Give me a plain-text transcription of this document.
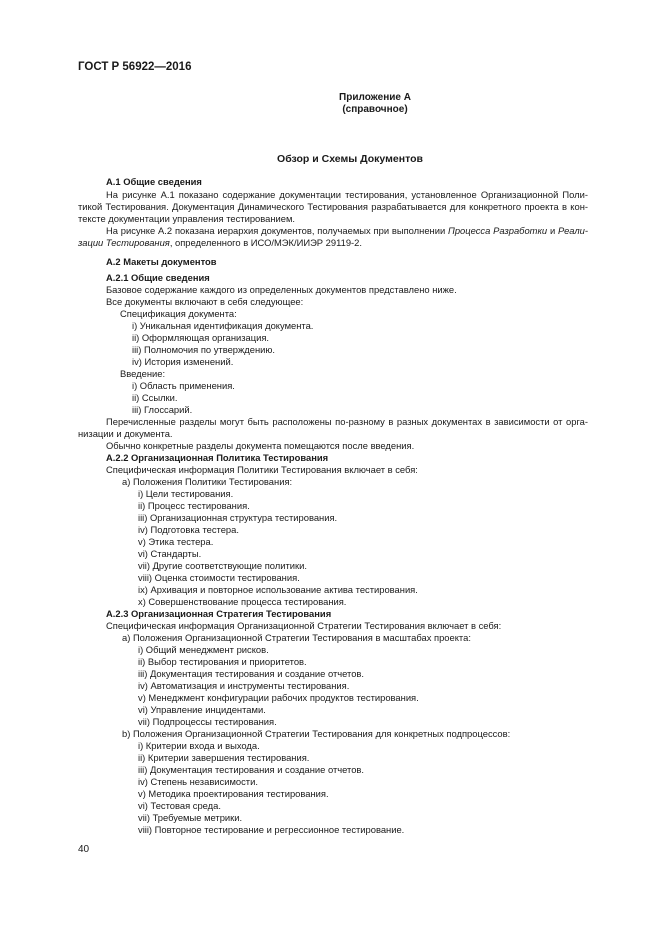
ГОСТ Р 56922—2016
Приложение А
(справочное)
Обзор и Схемы Документов
А.1 Общие сведения
На рисунке А.1 показано содержание документации тестирования, установленное Организационной Поли-
тикой Тестирования. Документация Динамического Тестирования разрабатывается для конкретного проекта в кон-
тексте документации управления тестированием.
На рисунке А.2 показана иерархия документов, получаемых при выполнении Процесса Разработки и Реали-
зации Тестирования, определенного в ИСО/МЭК/ИИЭР 29119-2.
А.2 Макеты документов
А.2.1 Общие сведения
Базовое содержание каждого из определенных документов представлено ниже.
Все документы включают в себя следующее:
Спецификация документа:
i) Уникальная идентификация документа.
ii) Оформляющая организация.
iii) Полномочия по утверждению.
iv) История изменений.
Введение:
i) Область применения.
ii) Ссылки.
iii) Глоссарий.
Перечисленные разделы могут быть расположены по-разному в разных документах в зависимости от орга-
низации и документа.
Обычно конкретные разделы документа помещаются после введения.
А.2.2 Организационная Политика Тестирования
Специфическая информация Политики Тестирования включает в себя:
а) Положения Политики Тестирования:
i) Цели тестирования.
ii) Процесс тестирования.
iii) Организационная структура тестирования.
iv) Подготовка тестера.
v) Этика тестера.
vi) Стандарты.
vii) Другие соответствующие политики.
viii) Оценка стоимости тестирования.
ix) Архивация и повторное использование актива тестирования.
x) Совершенствование процесса тестирования.
А.2.3 Организационная Стратегия Тестирования
Специфическая информация Организационной Стратегии Тестирования включает в себя:
а) Положения Организационной Стратегии Тестирования в масштабах проекта:
i) Общий менеджмент рисков.
ii) Выбор тестирования и приоритетов.
iii) Документация тестирования и создание отчетов.
iv) Автоматизация и инструменты тестирования.
v) Менеджмент конфигурации рабочих продуктов тестирования.
vi) Управление инцидентами.
vii) Подпроцессы тестирования.
b) Положения Организационной Стратегии Тестирования для конкретных подпроцессов:
i) Критерии входа и выхода.
ii) Критерии завершения тестирования.
iii) Документация тестирования и создание отчетов.
iv) Степень независимости.
v) Методика проектирования тестирования.
vi) Тестовая среда.
vii) Требуемые метрики.
viii) Повторное тестирование и регрессионное тестирование.
40
